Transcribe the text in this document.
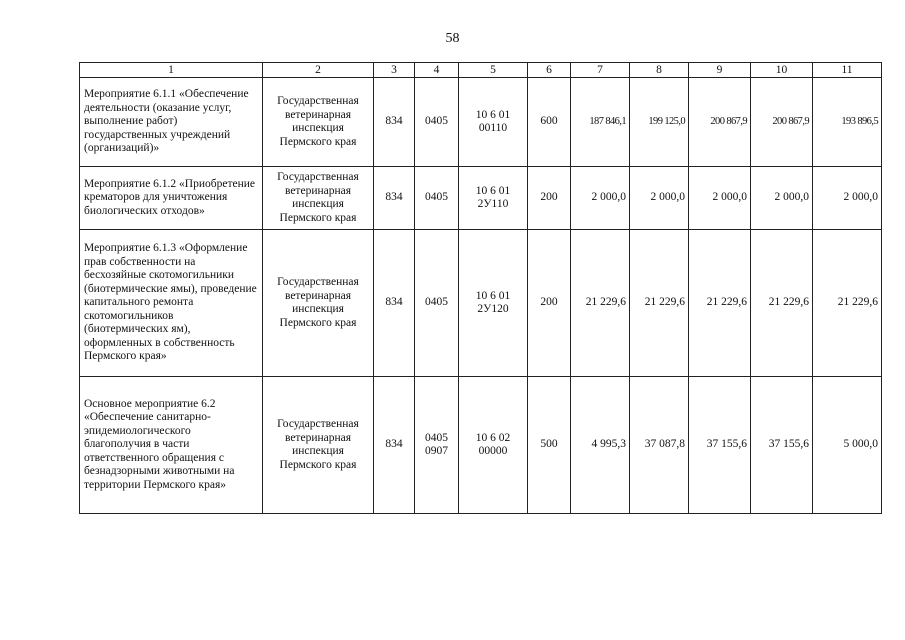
58
1	2	3	4	5	6	7	8	9	10	11
Мероприятие 6.1.1 «Обеспечение деятельности (оказание услуг, выполнение работ) государственных учреждений (организаций)»	Государственная ветеринарная инспекция Пермского края	834	0405	10 6 01 00110	600	187 846,1	199 125,0	200 867,9	200 867,9	193 896,5
Мероприятие 6.1.2 «Приобретение крематоров для уничтожения биологических отходов»	Государственная ветеринарная инспекция Пермского края	834	0405	10 6 01 2У110	200	2 000,0	2 000,0	2 000,0	2 000,0	2 000,0
Мероприятие 6.1.3 «Оформление прав собственности на бесхозяйные скотомогильники (биотермические ямы), проведение капитального ремонта скотомогильников (биотермических ям), оформленных в собственность Пермского края»	Государственная ветеринарная инспекция Пермского края	834	0405	10 6 01 2У120	200	21 229,6	21 229,6	21 229,6	21 229,6	21 229,6
Основное мероприятие 6.2 «Обеспечение санитарно-эпидемиологического благополучия в части ответственного обращения с безнадзорными животными на территории Пермского края»	Государственная ветеринарная инспекция Пермского края	834	0405 0907	10 6 02 00000	500	4 995,3	37 087,8	37 155,6	37 155,6	5 000,0
